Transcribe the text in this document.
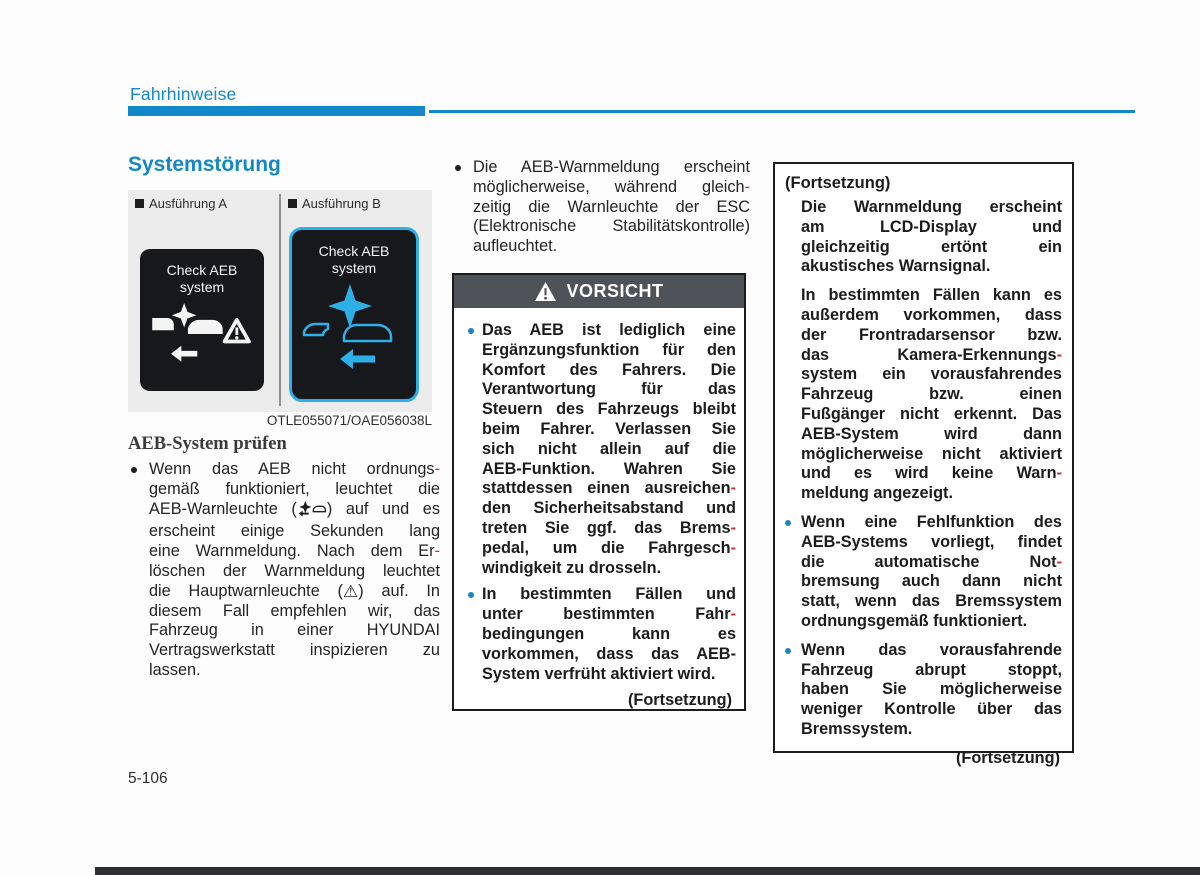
Fahrhinweise
Systemstörung
Ausführung A	Ausführung B
Check AEB
system
Check AEB
system
OTLE055071/OAE056038L
AEB-System prüfen
Wenn das AEB nicht ordnungs-
gemäß funktioniert, leuchtet die
AEB-Warnleuchte ( ) auf und es
erscheint einige Sekunden lang
eine Warnmeldung. Nach dem Er-
löschen der Warnmeldung leuchtet
die Hauptwarnleuchte (⚠) auf. In
diesem Fall empfehlen wir, das
Fahrzeug in einer HYUNDAI
Vertragswerkstatt inspizieren zu
lassen.
Die AEB-Warnmeldung erscheint
möglicherweise, während gleich-
zeitig die Warnleuchte der ESC
(Elektronische Stabilitätskontrolle)
aufleuchtet.
VORSICHT
Das AEB ist lediglich eine
Ergänzungsfunktion für den
Komfort des Fahrers. Die
Verantwortung für das
Steuern des Fahrzeugs bleibt
beim Fahrer. Verlassen Sie
sich nicht allein auf die
AEB-Funktion. Wahren Sie
stattdessen einen ausreichen-
den Sicherheitsabstand und
treten Sie ggf. das Brems-
pedal, um die Fahrgesch-
windigkeit zu drosseln.
In bestimmten Fällen und
unter bestimmten Fahr-
bedingungen kann es
vorkommen, dass das AEB-
System verfrüht aktiviert wird.
(Fortsetzung)
(Fortsetzung)
Die Warnmeldung erscheint
am LCD-Display und
gleichzeitig ertönt ein
akustisches Warnsignal.
In bestimmten Fällen kann es
außerdem vorkommen, dass
der Frontradarsensor bzw.
das Kamera-Erkennungs-
system ein vorausfahrendes
Fahrzeug bzw. einen
Fußgänger nicht erkennt. Das
AEB-System wird dann
möglicherweise nicht aktiviert
und es wird keine Warn-
meldung angezeigt.
Wenn eine Fehlfunktion des
AEB-Systems vorliegt, findet
die automatische Not-
bremsung auch dann nicht
statt, wenn das Bremssystem
ordnungsgemäß funktioniert.
Wenn das vorausfahrende
Fahrzeug abrupt stoppt,
haben Sie möglicherweise
weniger Kontrolle über das
Bremssystem.
(Fortsetzung)
5-106
